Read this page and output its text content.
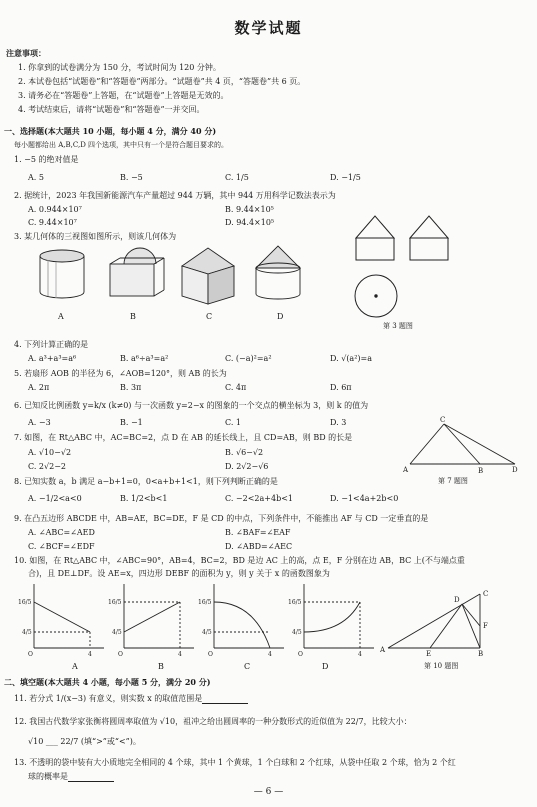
数学试题
注意事项：
1. 你拿到的试卷满分为 150 分，考试时间为 120 分钟。
2. 本试卷包括“试题卷”和“答题卷”两部分。“试题卷”共 4 页，“答题卷”共 6 页。
3. 请务必在“答题卷”上答题，在“试题卷”上答题是无效的。
4. 考试结束后，请将“试题卷”和“答题卷”一并交回。
一、选择题(本大题共 10 小题，每小题 4 分，满分 40 分)
每小题都给出 A,B,C,D 四个选项，其中只有一个是符合题目要求的。
1. −5 的绝对值是
A. 5	B. −5	C. 1/5	D. −1/5
2. 据统计，2023 年我国新能源汽车产量超过 944 万辆，其中 944 万用科学记数法表示为
A. 0.944×10⁷	B. 9.44×10⁵
C. 9.44×10⁷	D. 94.4×10⁵
3. 某几何体的三视图如图所示，则该几何体为
A	B	C	D
第 3 题图
4. 下列计算正确的是
A. a³+a³=a⁶	B. a⁶÷a³=a²	C. (−a)²=a²	D. √(a²)=a
5. 若扇形 AOB 的半径为 6，∠AOB=120°，则 AB 的长为
A. 2π	B. 3π	C. 4π	D. 6π
6. 已知反比例函数 y=k/x (k≠0) 与一次函数 y=2−x 的图象的一个交点的横坐标为 3，则 k 的值为
A. −3	B. −1	C. 1	D. 3
7. 如图，在 Rt△ABC 中，AC=BC=2，点 D 在 AB 的延长线上，且 CD=AB，则 BD 的长是
A. √10−√2	B. √6−√2
C. 2√2−2	D. 2√2−√6
C
A	B	D
第 7 题图
8. 已知实数 a，b 满足 a−b+1=0，0<a+b+1<1，则下列判断正确的是
A. −1/2<a<0	B. 1/2<b<1	C. −2<2a+4b<1	D. −1<4a+2b<0
9. 在凸五边形 ABCDE 中，AB=AE，BC=DE，F 是 CD 的中点，下列条件中，不能推出 AF 与 CD 一定垂直的是
A. ∠ABC=∠AED	B. ∠BAF=∠EAF
C. ∠BCF=∠EDF	D. ∠ABD=∠AEC
10. 如图，在 Rt△ABC 中，∠ABC=90°，AB=4，BC=2，BD 是边 AC 上的高，点 E，F 分别在边 AB，BC 上(不与端点重
合)，且 DE⊥DF。设 AE=x，四边形 DEBF 的面积为 y，则 y 关于 x 的函数图象为
16/5
4/5
4
O
16/5
4/5
4
O
16/5
4/5
4
O
16/5
4/5
4
O
A	B	C	D
A	B
C
D
E
F
第 10 题图
二、填空题(本大题共 4 小题，每小题 5 分，满分 20 分)
11. 若分式 1/(x−3) 有意义，则实数 x 的取值范围是
12. 我国古代数学家张衡将圆周率取值为 √10，祖冲之给出圆周率的一种分数形式的近似值为 22/7，比较大小：
√10 ___ 22/7 (填“>”或“<”)。
13. 不透明的袋中装有大小质地完全相同的 4 个球，其中 1 个黄球，1 个白球和 2 个红球，从袋中任取 2 个球，恰为 2 个红
球的概率是
— 6 —
